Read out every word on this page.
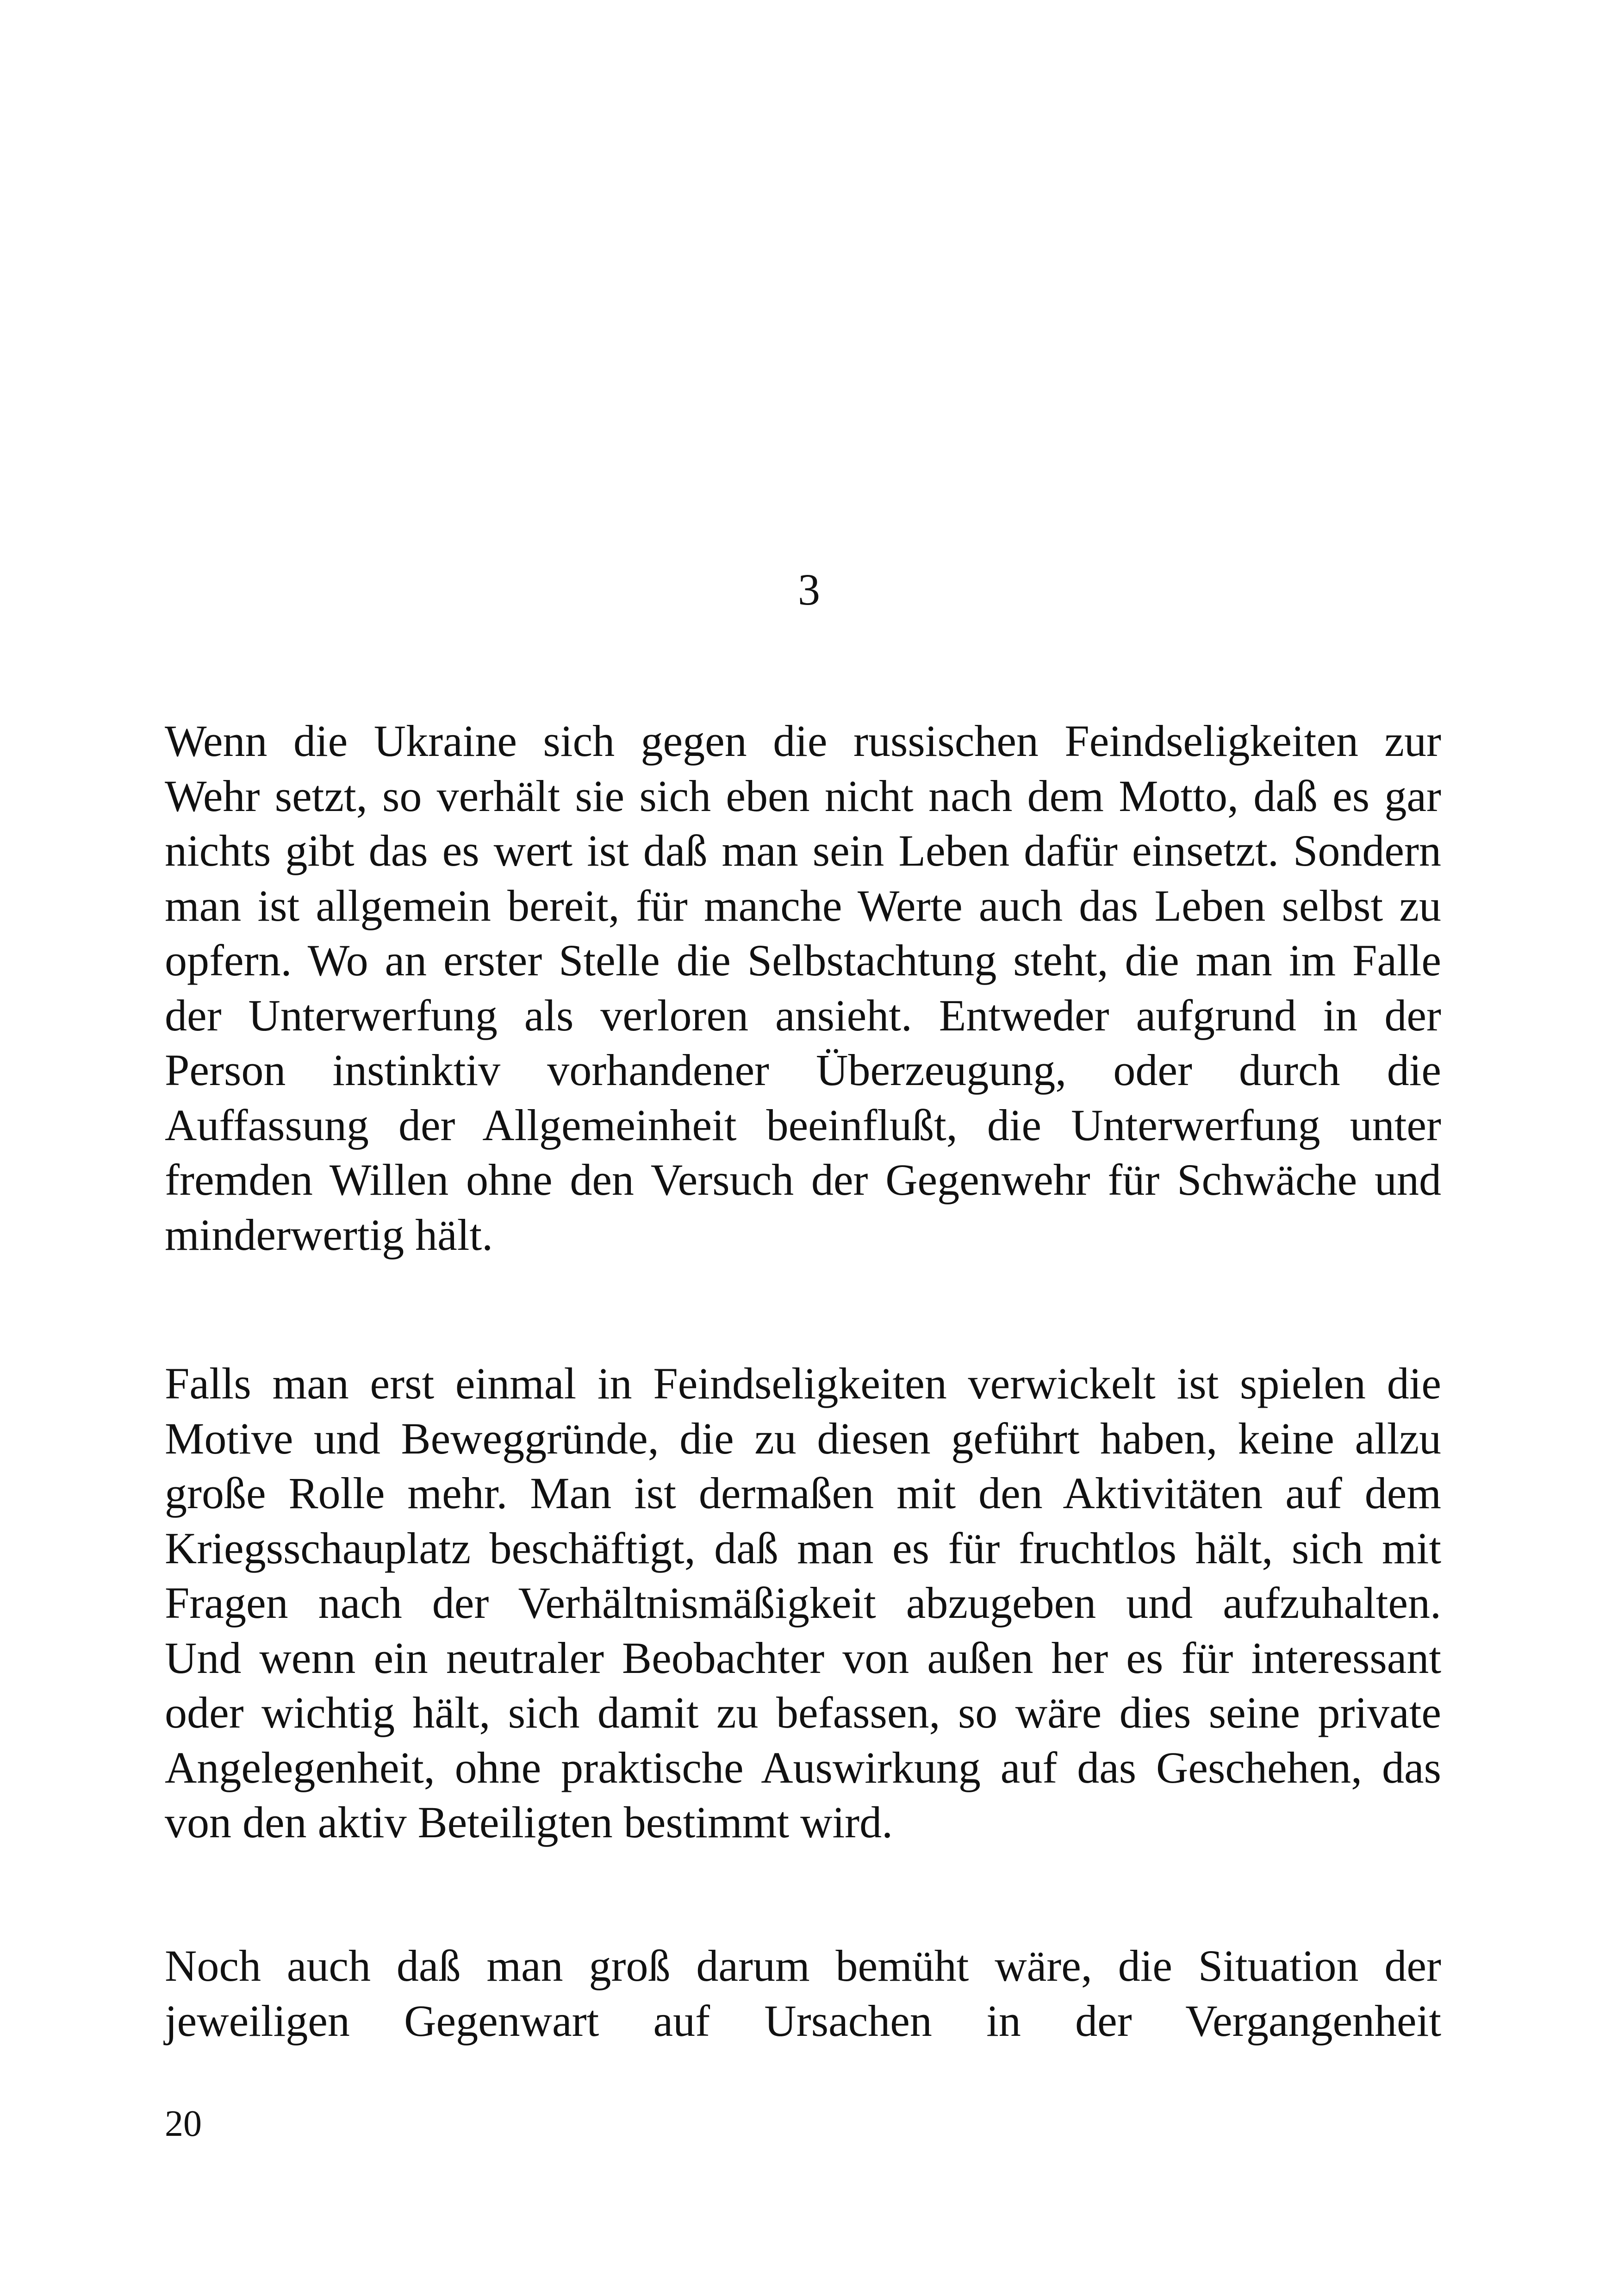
3

Wenn die Ukraine sich gegen die russischen Feindseligkeiten zur
Wehr setzt, so verhält sie sich eben nicht nach dem Motto, daß es gar
nichts gibt das es wert ist daß man sein Leben dafür einsetzt. Sondern
man ist allgemein bereit, für manche Werte auch das Leben selbst zu
opfern. Wo an erster Stelle die Selbstachtung steht, die man im Falle
der Unterwerfung als verloren ansieht. Entweder aufgrund in der
Person instinktiv vorhandener Überzeugung, oder durch die
Auffassung der Allgemeinheit beeinflußt, die Unterwerfung unter
fremden Willen ohne den Versuch der Gegenwehr für Schwäche und
minderwertig hält.

Falls man erst einmal in Feindseligkeiten verwickelt ist spielen die
Motive und Beweggründe, die zu diesen geführt haben, keine allzu
große Rolle mehr. Man ist dermaßen mit den Aktivitäten auf dem
Kriegsschauplatz beschäftigt, daß man es für fruchtlos hält, sich mit
Fragen nach der Verhältnismäßigkeit abzugeben und aufzuhalten.
Und wenn ein neutraler Beobachter von außen her es für interessant
oder wichtig hält, sich damit zu befassen, so wäre dies seine private
Angelegenheit, ohne praktische Auswirkung auf das Geschehen, das
von den aktiv Beteiligten bestimmt wird.

Noch auch daß man groß darum bemüht wäre, die Situation der
jeweiligen Gegenwart auf Ursachen in der Vergangenheit

20
